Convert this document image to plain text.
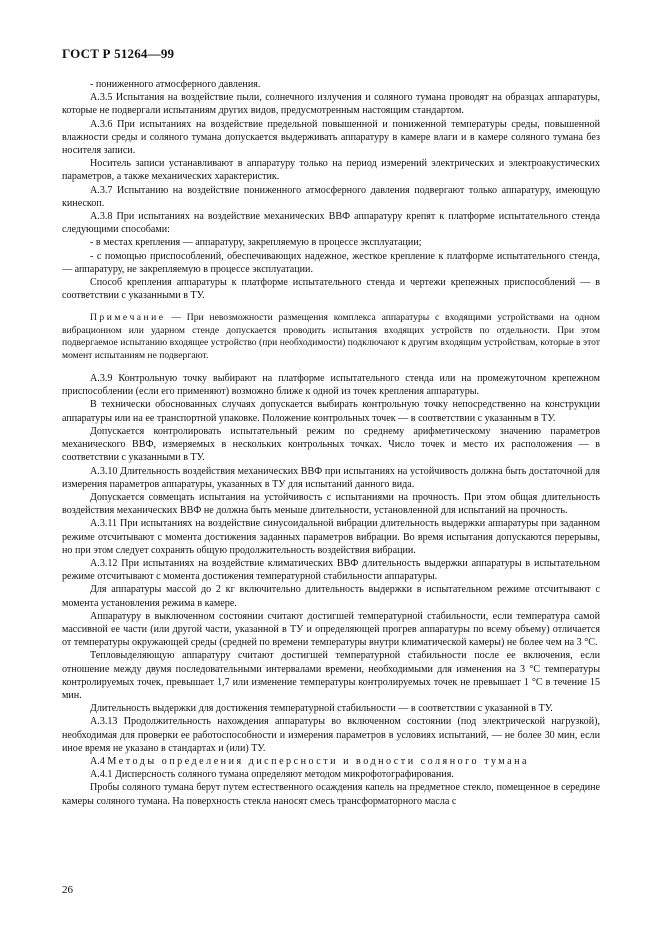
ГОСТ Р 51264—99

- пониженного атмосферного давления.

А.3.5 Испытания на воздействие пыли, солнечного излучения и соляного тумана проводят на образцах аппаратуры, которые не подвергали испытаниям других видов, предусмотренным настоящим стандартом.

А.3.6 При испытаниях на воздействие предельной повышенной и пониженной температуры среды, повышенной влажности среды и соляного тумана допускается выдерживать аппаратуру в камере влаги и в камере соляного тумана без носителя записи.

Носитель записи устанавливают в аппаратуру только на период измерений электрических и электроакустических параметров, а также механических характеристик.

А.3.7 Испытанию на воздействие пониженного атмосферного давления подвергают только аппаратуру, имеющую кинескоп.

А.3.8 При испытаниях на воздействие механических ВВФ аппаратуру крепят к платформе испытательного стенда следующими способами:

- в местах крепления — аппаратуру, закрепляемую в процессе эксплуатации;

- с помощью приспособлений, обеспечивающих надежное, жесткое крепление к платформе испытательного стенда, — аппаратуру, не закрепляемую в процессе эксплуатации.

Способ крепления аппаратуры к платформе испытательного стенда и чертежи крепежных приспособлений — в соответствии с указанными в ТУ.

Примечание — При невозможности размещения комплекса аппаратуры с входящими устройствами на одном вибрационном или ударном стенде допускается проводить испытания входящих устройств по отдельности. При этом подвергаемое испытанию входящее устройство (при необходимости) подключают к другим входящим устройствам, которые в этот момент испытаниям не подвергают.

А.3.9 Контрольную точку выбирают на платформе испытательного стенда или на промежуточном крепежном приспособлении (если его применяют) возможно ближе к одной из точек крепления аппаратуры.

В технически обоснованных случаях допускается выбирать контрольную точку непосредственно на конструкции аппаратуры или на ее транспортной упаковке. Положение контрольных точек — в соответствии с указанным в ТУ.

Допускается контролировать испытательный режим по среднему арифметическому значению параметров механического ВВФ, измеряемых в нескольких контрольных точках. Число точек и место их расположения — в соответствии с указанными в ТУ.

А.3.10 Длительность воздействия механических ВВФ при испытаниях на устойчивость должна быть достаточной для измерения параметров аппаратуры, указанных в ТУ для испытаний данного вида.

Допускается совмещать испытания на устойчивость с испытаниями на прочность. При этом общая длительность воздействия механических ВВФ не должна быть меньше длительности, установленной для испытаний на прочность.

А.3.11 При испытаниях на воздействие синусоидальной вибрации длительность выдержки аппаратуры при заданном режиме отсчитывают с момента достижения заданных параметров вибрации. Во время испытания допускаются перерывы, но при этом следует сохранять общую продолжительность воздействия вибрации.

А.3.12 При испытаниях на воздействие климатических ВВФ длительность выдержки аппаратуры в испытательном режиме отсчитывают с момента достижения температурной стабильности аппаратуры.

Для аппаратуры массой до 2 кг включительно длительность выдержки в испытательном режиме отсчитывают с момента установления режима в камере.

Аппаратуру в выключенном состоянии считают достигшей температурной стабильности, если температура самой массивной ее части (или другой части, указанной в ТУ и определяющей прогрев аппаратуры по всему объему) отличается от температуры окружающей среды (средней по времени температуры внутри климатической камеры) не более чем на 3 °С.

Тепловыделяющую аппаратуру считают достигшей температурной стабильности после ее включения, если отношение между двумя последовательными интервалами времени, необходимыми для изменения на 3 °С температуры контролируемых точек, превышает 1,7 или изменение температуры контролируемых точек не превышает 1 °С в течение 15 мин.

Длительность выдержки для достижения температурной стабильности — в соответствии с указанной в ТУ.

А.3.13 Продолжительность нахождения аппаратуры во включенном состоянии (под электрической нагрузкой), необходимая для проверки ее работоспособности и измерения параметров в условиях испытаний, — не более 30 мин, если иное время не указано в стандартах и (или) ТУ.

А.4 Методы определения дисперсности и водности соляного тумана

А.4.1 Дисперсность соляного тумана определяют методом микрофотографирования.

Пробы соляного тумана берут путем естественного осаждения капель на предметное стекло, помещенное в середине камеры соляного тумана. На поверхность стекла наносят смесь трансформаторного масла с

26
